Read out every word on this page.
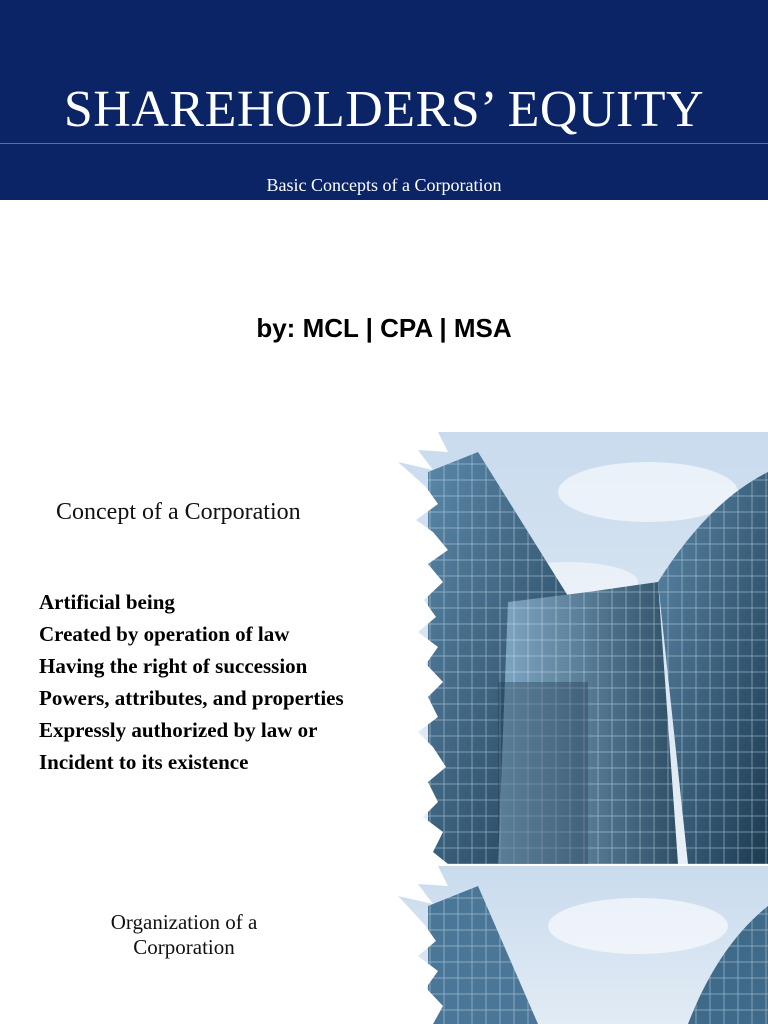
SHAREHOLDERS’ EQUITY
Basic Concepts of a Corporation
by: MCL | CPA | MSA
Concept of a Corporation
Artificial being
Created by operation of law
Having the right of succession
Powers, attributes, and properties
Expressly authorized by law or
Incident to its existence
Organization of a Corporation
